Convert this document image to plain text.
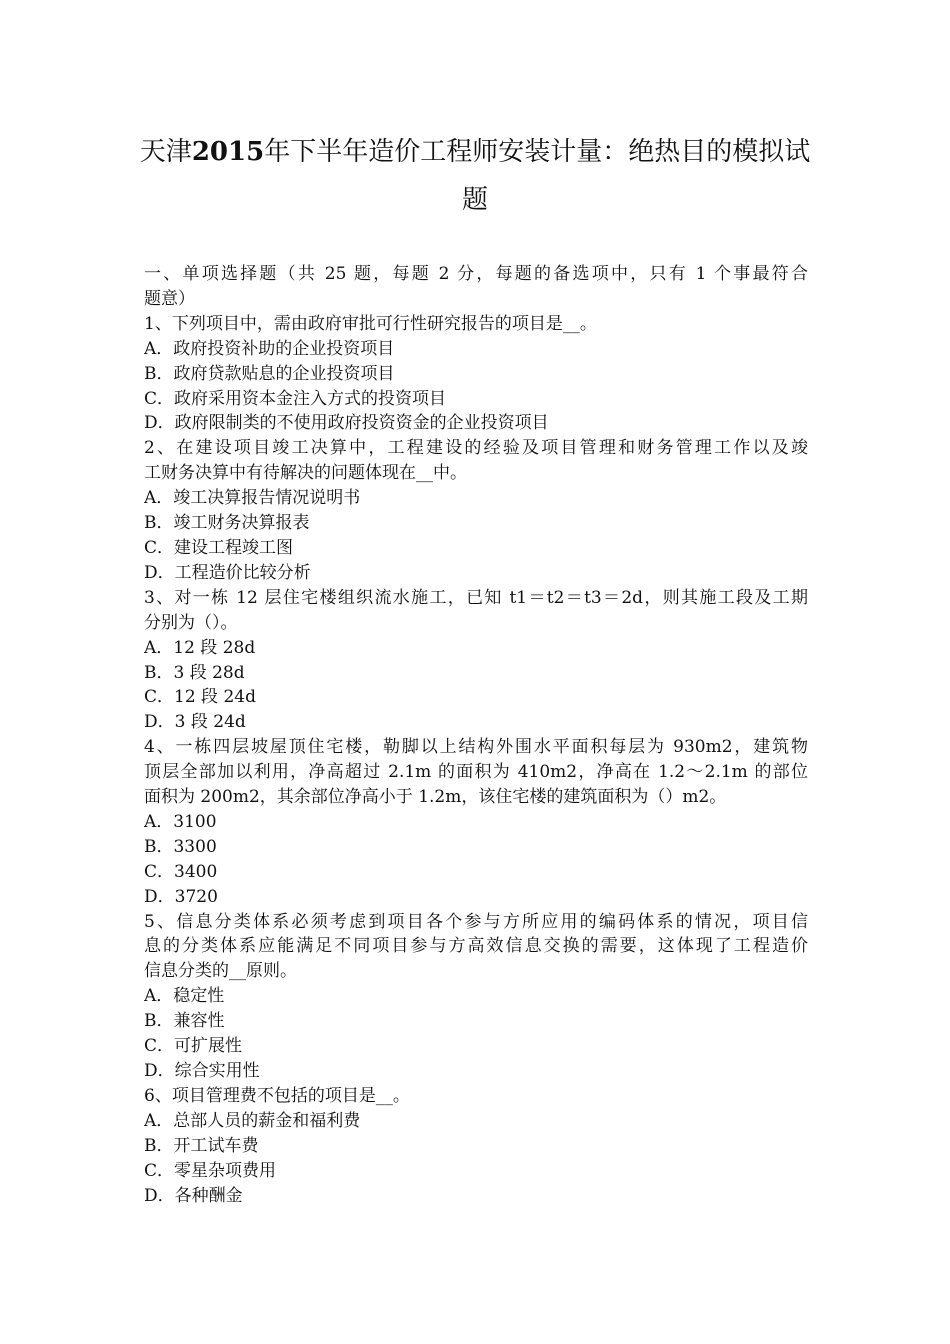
天津2015年下半年造价工程师安装计量：绝热目的模拟试
题
一、单项选择题（共 25 题，每题 2 分，每题的备选项中，只有 1 个事最符合
题意）
1、下列项目中，需由政府审批可行性研究报告的项目是__。
A．政府投资补助的企业投资项目
B．政府贷款贴息的企业投资项目
C．政府采用资本金注入方式的投资项目
D．政府限制类的不使用政府投资资金的企业投资项目
2、在建设项目竣工决算中，工程建设的经验及项目管理和财务管理工作以及竣
工财务决算中有待解决的问题体现在__中。
A．竣工决算报告情况说明书
B．竣工财务决算报表
C．建设工程竣工图
D．工程造价比较分析
3、对一栋 12 层住宅楼组织流水施工，已知 t1＝t2＝t3＝2d，则其施工段及工期
分别为（）。
A．12 段 28d
B．3 段 28d
C．12 段 24d
D．3 段 24d
4、一栋四层坡屋顶住宅楼，勒脚以上结构外围水平面积每层为 930m2，建筑物
顶层全部加以利用，净高超过 2.1m 的面积为 410m2，净高在 1.2～2.1m 的部位
面积为 200m2，其余部位净高小于 1.2m，该住宅楼的建筑面积为（）m2。
A．3100
B．3300
C．3400
D．3720
5、信息分类体系必须考虑到项目各个参与方所应用的编码体系的情况，项目信
息的分类体系应能满足不同项目参与方高效信息交换的需要，这体现了工程造价
信息分类的__原则。
A．稳定性
B．兼容性
C．可扩展性
D．综合实用性
6、项目管理费不包括的项目是__。
A．总部人员的薪金和福利费
B．开工试车费
C．零星杂项费用
D．各种酬金
